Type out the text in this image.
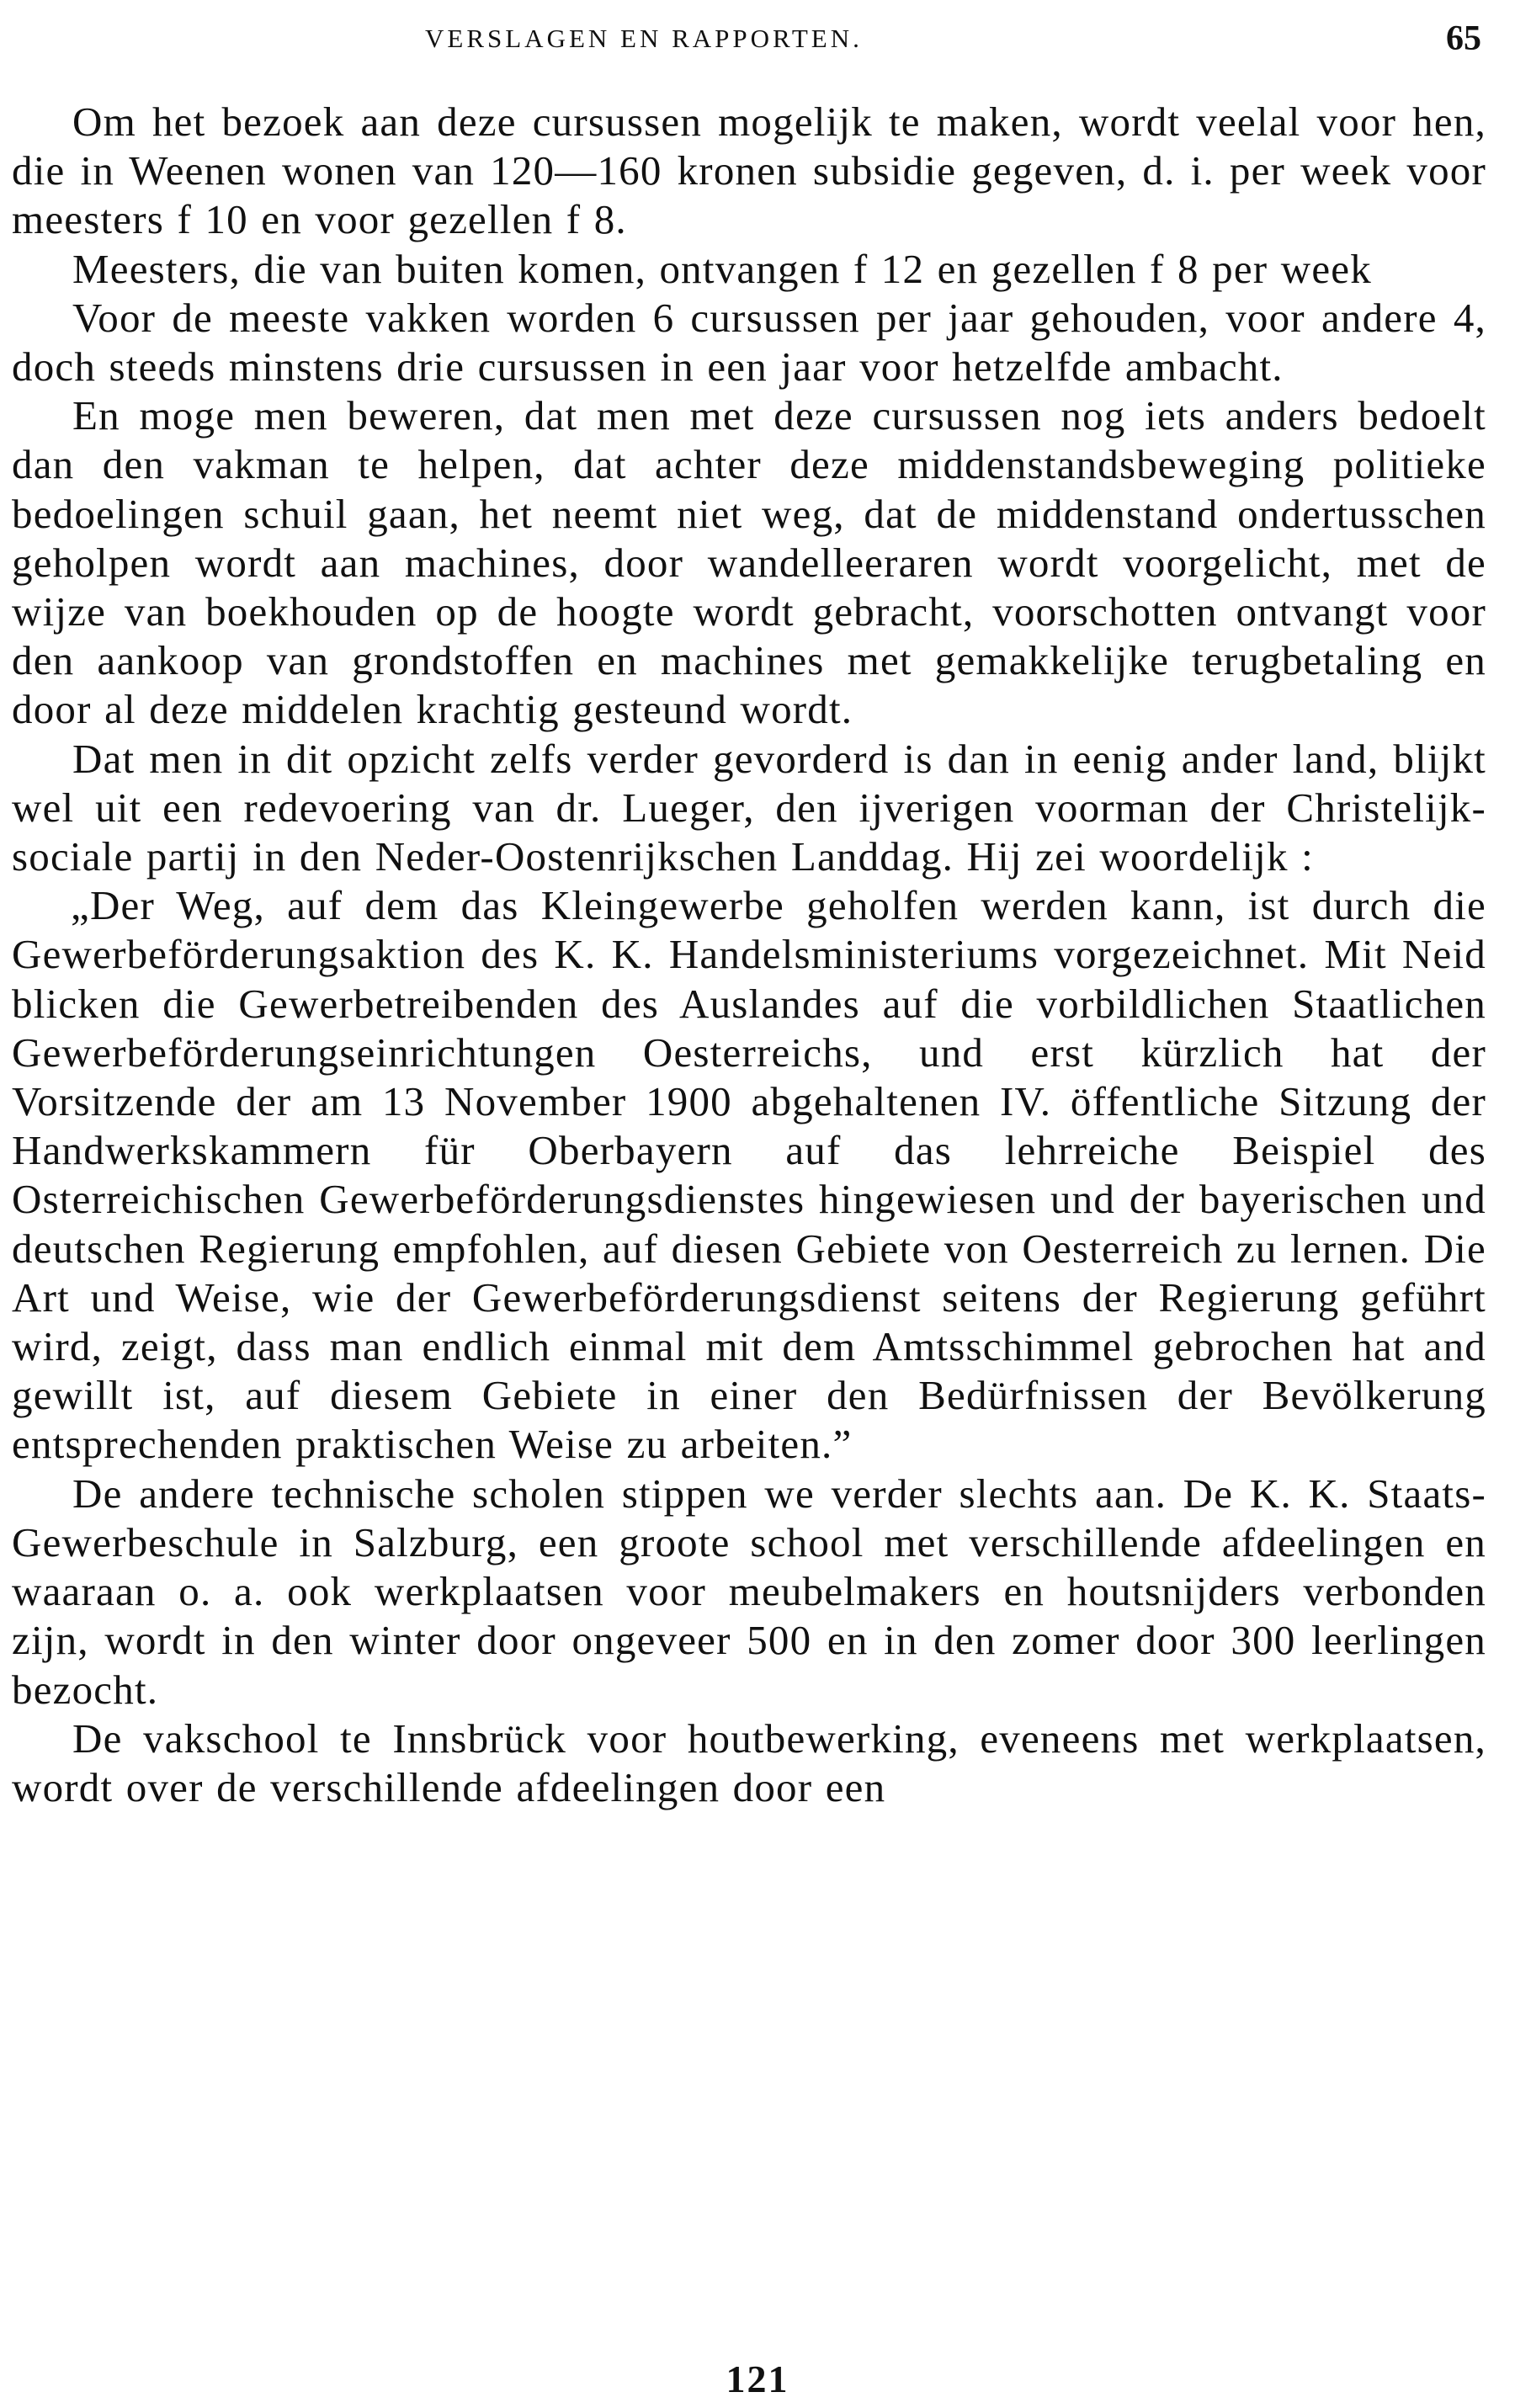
VERSLAGEN EN RAPPORTEN.	65

Om het bezoek aan deze cursussen mogelijk te maken, wordt veelal voor hen, die in Weenen wonen van 120—160 kronen subsidie gegeven, d. i. per week voor meesters f 10 en voor gezellen f 8.

Meesters, die van buiten komen, ontvangen f 12 en gezellen f 8 per week

Voor de meeste vakken worden 6 cursussen per jaar gehouden, voor andere 4, doch steeds minstens drie cursussen in een jaar voor hetzelfde ambacht.

En moge men beweren, dat men met deze cursussen nog iets anders bedoelt dan den vakman te helpen, dat achter deze middenstandsbeweging politieke bedoelingen schuil gaan, het neemt niet weg, dat de middenstand ondertusschen geholpen wordt aan machines, door wandelleeraren wordt voorgelicht, met de wijze van boekhouden op de hoogte wordt gebracht, voorschotten ontvangt voor den aankoop van grondstoffen en machines met gemakkelijke terugbetaling en door al deze middelen krachtig gesteund wordt.

Dat men in dit opzicht zelfs verder gevorderd is dan in eenig ander land, blijkt wel uit een redevoering van dr. Lueger, den ijverigen voorman der Christelijk-sociale partij in den Neder-Oostenrijkschen Landdag. Hij zei woordelijk :

„Der Weg, auf dem das Kleingewerbe geholfen werden kann, ist durch die Gewerbeförderungsaktion des K. K. Handelsministeriums vorgezeichnet. Mit Neid blicken die Gewerbetreibenden des Auslandes auf die vorbildlichen Staatlichen Gewerbeförderungseinrichtungen Oesterreichs, und erst kürzlich hat der Vorsitzende der am 13 November 1900 abgehaltenen IV. öffentliche Sitzung der Handwerkskammern für Oberbayern auf das lehrreiche Beispiel des Osterreichischen Gewerbeförderungsdienstes hingewiesen und der bayerischen und deutschen Regierung empfohlen, auf diesen Gebiete von Oesterreich zu lernen. Die Art und Weise, wie der Gewerbeförderungsdienst seitens der Regierung geführt wird, zeigt, dass man endlich einmal mit dem Amtsschimmel gebrochen hat and gewillt ist, auf diesem Gebiete in einer den Bedürfnissen der Bevölkerung entsprechenden praktischen Weise zu arbeiten.”

De andere technische scholen stippen we verder slechts aan. De K. K. Staats-Gewerbeschule in Salzburg, een groote school met verschillende afdeelingen en waaraan o. a. ook werkplaatsen voor meubelmakers en houtsnijders verbonden zijn, wordt in den winter door ongeveer 500 en in den zomer door 300 leerlingen bezocht.

De vakschool te Innsbrück voor houtbewerking, eveneens met werkplaatsen, wordt over de verschillende afdeelingen door een

121
